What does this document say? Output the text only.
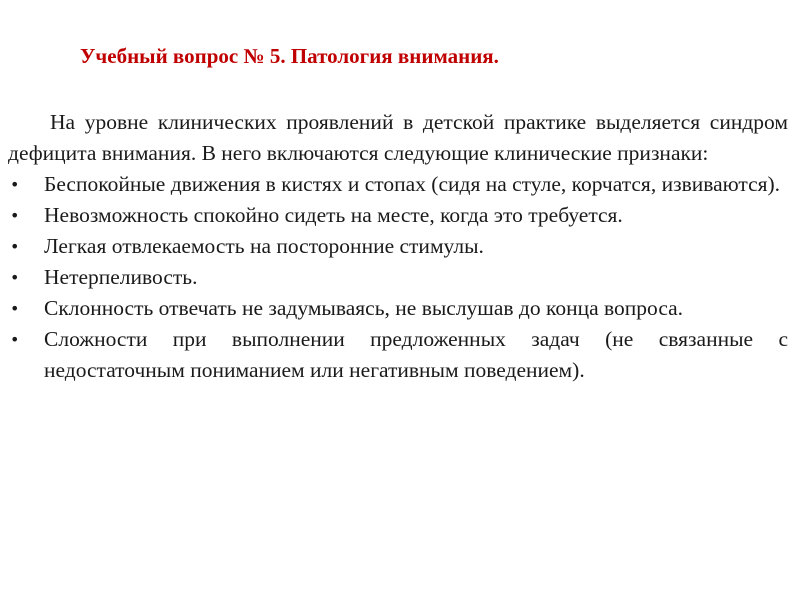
Учебный вопрос № 5. Патология внимания.

На уровне клинических проявлений в детской практике выделяется синдром дефицита внимания. В него включаются следующие клинические признаки:

• Беспокойные движения в кистях и стопах (сидя на стуле, корчатся, извиваются).
• Невозможность спокойно сидеть на месте, когда это требуется.
• Легкая отвлекаемость на посторонние стимулы.
• Нетерпеливость.
• Склонность отвечать не задумываясь, не выслушав до конца вопроса.
• Сложности при выполнении предложенных задач (не связанные с недостаточным пониманием или негативным поведением).
